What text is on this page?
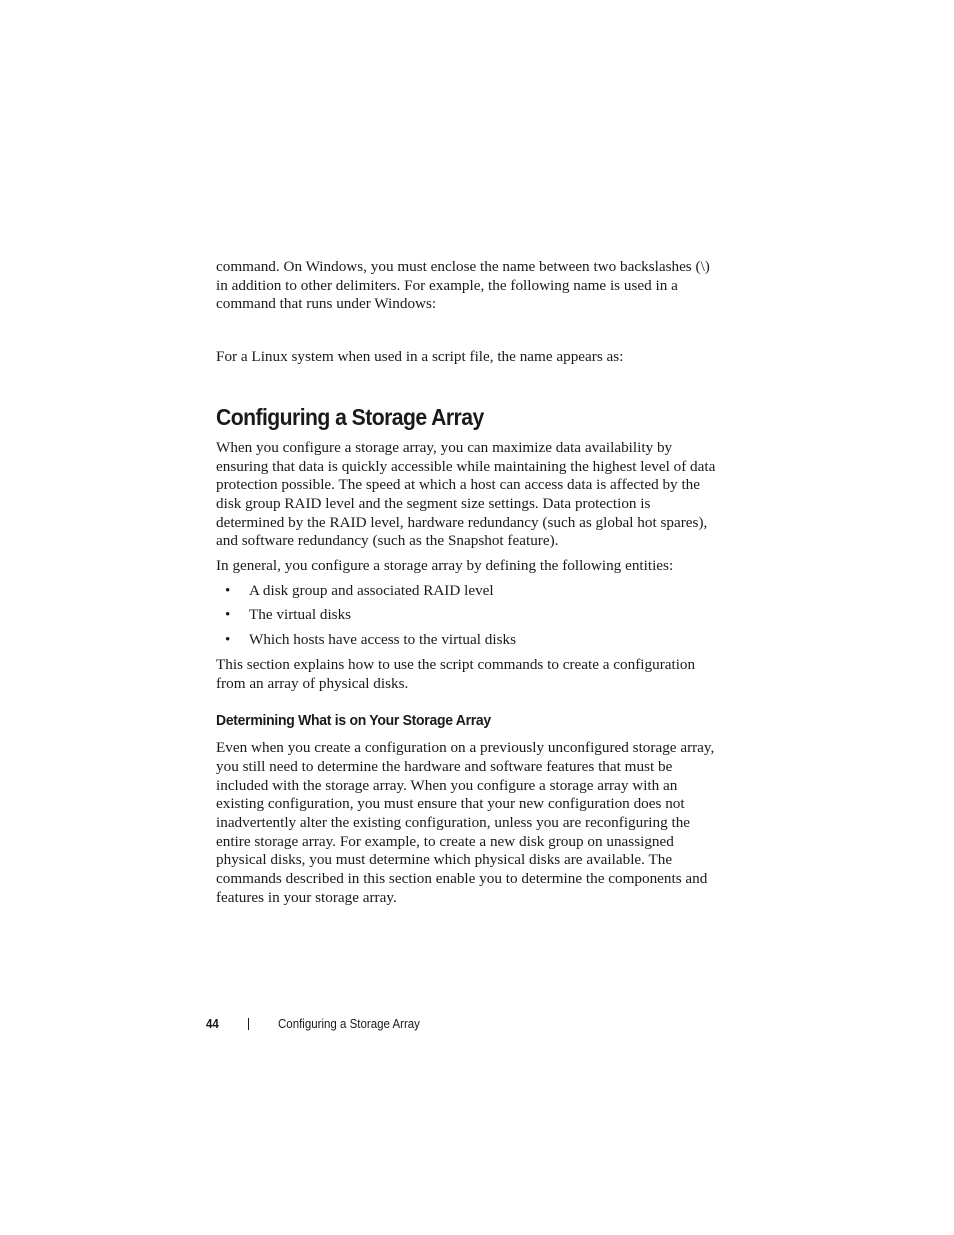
command. On Windows, you must enclose the name between two backslashes (\) in addition to other delimiters. For example, the following name is used in a command that runs under Windows:

For a Linux system when used in a script file, the name appears as:

Configuring a Storage Array

When you configure a storage array, you can maximize data availability by ensuring that data is quickly accessible while maintaining the highest level of data protection possible. The speed at which a host can access data is affected by the disk group RAID level and the segment size settings. Data protection is determined by the RAID level, hardware redundancy (such as global hot spares), and software redundancy (such as the Snapshot feature).

In general, you configure a storage array by defining the following entities:

• A disk group and associated RAID level
• The virtual disks
• Which hosts have access to the virtual disks

This section explains how to use the script commands to create a configuration from an array of physical disks.

Determining What is on Your Storage Array

Even when you create a configuration on a previously unconfigured storage array, you still need to determine the hardware and software features that must be included with the storage array. When you configure a storage array with an existing configuration, you must ensure that your new configuration does not inadvertently alter the existing configuration, unless you are reconfiguring the entire storage array. For example, to create a new disk group on unassigned physical disks, you must determine which physical disks are available. The commands described in this section enable you to determine the components and features in your storage array.

44	Configuring a Storage Array
